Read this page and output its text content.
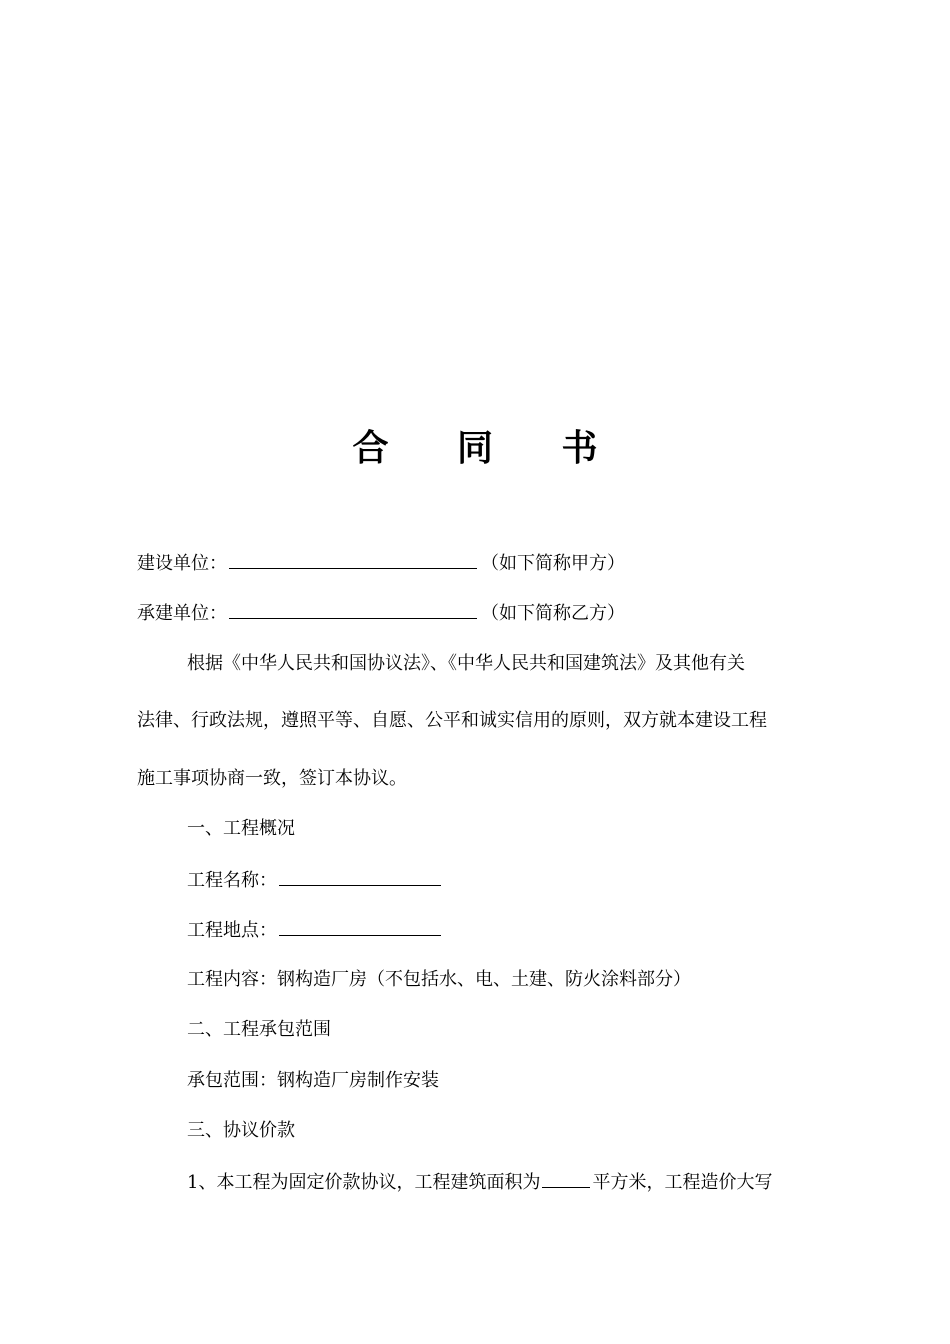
合 同 书
建设单位：	（如下简称甲方）
承建单位：	（如下简称乙方）
根据《中华人民共和国协议法》、《中华人民共和国建筑法》及其他有关
法律、行政法规，遵照平等、自愿、公平和诚实信用的原则，双方就本建设工程
施工事项协商一致，签订本协议。
一、工程概况
工程名称：
工程地点：
工程内容：钢构造厂房（不包括水、电、土建、防火涂料部分）
二、工程承包范围
承包范围：钢构造厂房制作安装
三、协议价款
1、本工程为固定价款协议，工程建筑面积为	平方米，工程造价大写
